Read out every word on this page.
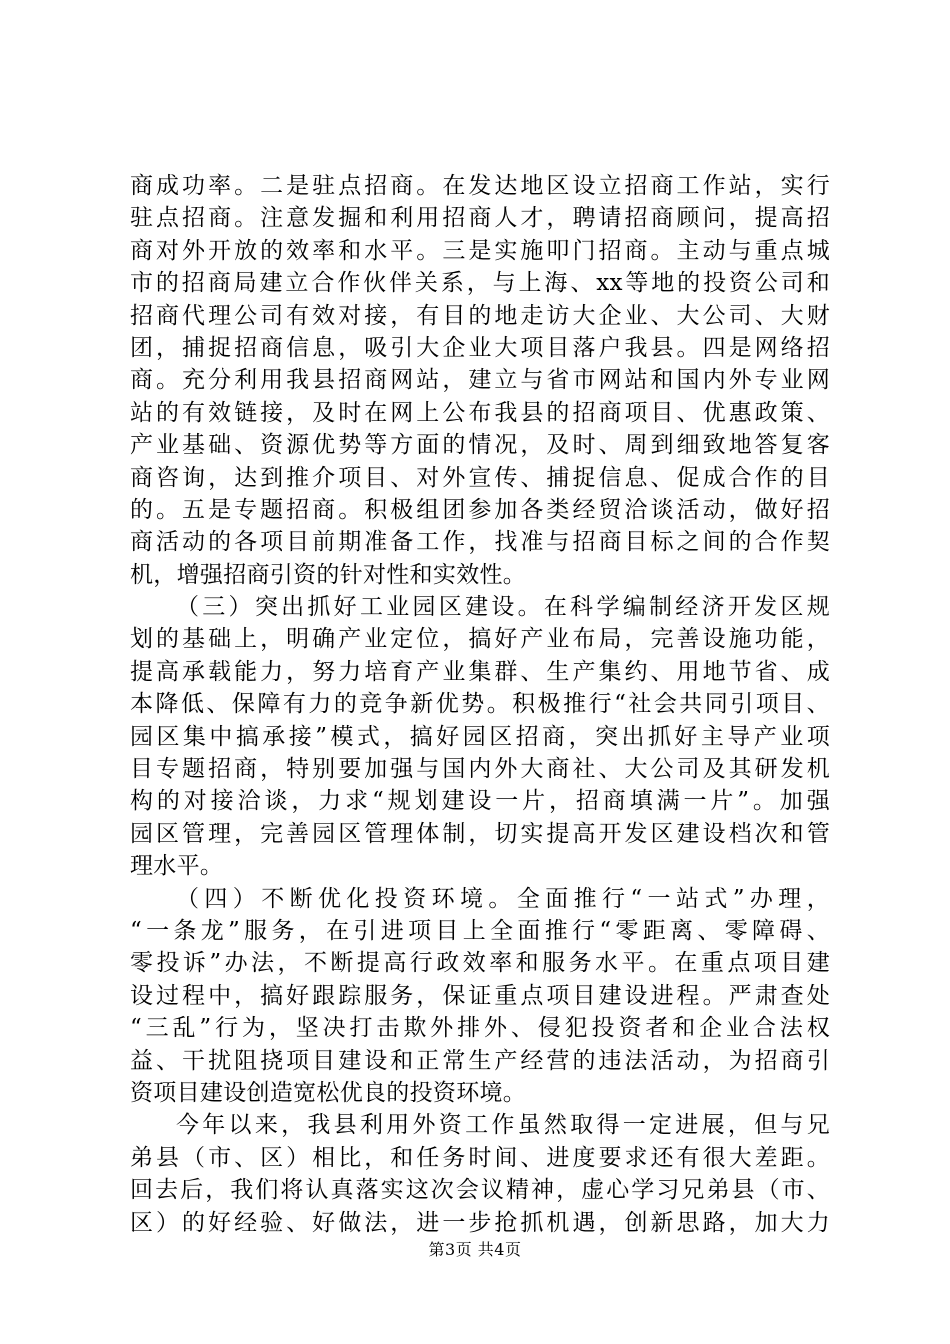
商成功率。二是驻点招商。在发达地区设立招商工作站，实行
驻点招商。注意发掘和利用招商人才，聘请招商顾问，提高招
商对外开放的效率和水平。三是实施叩门招商。主动与重点城
市的招商局建立合作伙伴关系，与上海、xx等地的投资公司和
招商代理公司有效对接，有目的地走访大企业、大公司、大财
团，捕捉招商信息，吸引大企业大项目落户我县。四是网络招
商。充分利用我县招商网站，建立与省市网站和国内外专业网
站的有效链接，及时在网上公布我县的招商项目、优惠政策、
产业基础、资源优势等方面的情况，及时、周到细致地答复客
商咨询，达到推介项目、对外宣传、捕捉信息、促成合作的目
的。五是专题招商。积极组团参加各类经贸洽谈活动，做好招
商活动的各项目前期准备工作，找准与招商目标之间的合作契
机，增强招商引资的针对性和实效性。
（三）突出抓好工业园区建设。在科学编制经济开发区规
划的基础上，明确产业定位，搞好产业布局，完善设施功能，
提高承载能力，努力培育产业集群、生产集约、用地节省、成
本降低、保障有力的竞争新优势。积极推行“社会共同引项目、
园区集中搞承接”模式，搞好园区招商，突出抓好主导产业项
目专题招商，特别要加强与国内外大商社、大公司及其研发机
构的对接洽谈，力求“规划建设一片，招商填满一片”。加强
园区管理，完善园区管理体制，切实提高开发区建设档次和管
理水平。
（四）不断优化投资环境。全面推行“一站式”办理，
“一条龙”服务，在引进项目上全面推行“零距离、零障碍、
零投诉”办法，不断提高行政效率和服务水平。在重点项目建
设过程中，搞好跟踪服务，保证重点项目建设进程。严肃查处
“三乱”行为，坚决打击欺外排外、侵犯投资者和企业合法权
益、干扰阻挠项目建设和正常生产经营的违法活动，为招商引
资项目建设创造宽松优良的投资环境。
今年以来，我县利用外资工作虽然取得一定进展，但与兄
弟县（市、区）相比，和任务时间、进度要求还有很大差距。
回去后，我们将认真落实这次会议精神，虚心学习兄弟县（市、
区）的好经验、好做法，进一步抢抓机遇，创新思路，加大力
第3页 共4页
